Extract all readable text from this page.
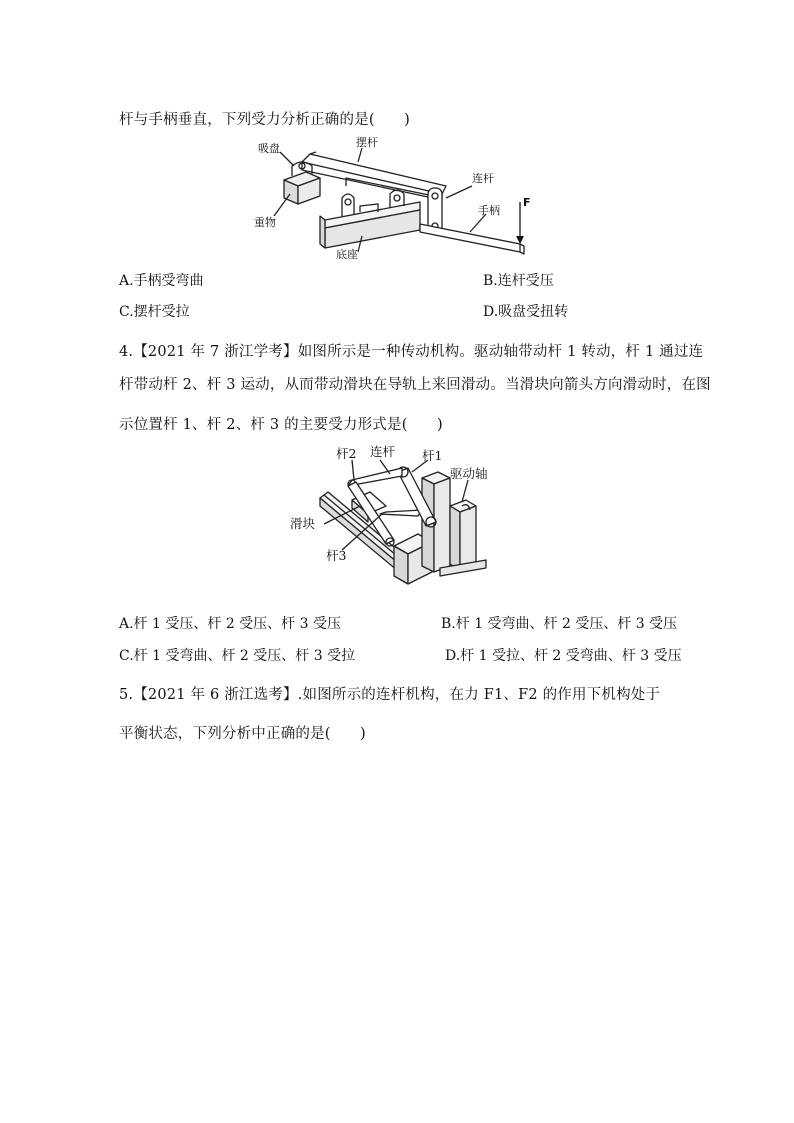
杆与手柄垂直，下列受力分析正确的是(　　)
吸盘	摆杆
连杆
手柄
F
重物
底座
A.手柄受弯曲	B.连杆受压
C.摆杆受拉	D.吸盘受扭转
4.【2021 年 7 浙江学考】如图所示是一种传动机构。驱动轴带动杆 1 转动，杆 1 通过连
杆带动杆 2、杆 3 运动，从而带动滑块在导轨上来回滑动。当滑块向箭头方向滑动时，在图
示位置杆 1、杆 2、杆 3 的主要受力形式是(　　)
杆2 连杆 杆1
驱动轴
滑块
杆3
A.杆 1 受压、杆 2 受压、杆 3 受压	B.杆 1 受弯曲、杆 2 受压、杆 3 受压
C.杆 1 受弯曲、杆 2 受压、杆 3 受拉	D.杆 1 受拉、杆 2 受弯曲、杆 3 受压
5.【2021 年 6 浙江选考】.如图所示的连杆机构，在力 F1、F2 的作用下机构处于
平衡状态，下列分析中正确的是(　　)
